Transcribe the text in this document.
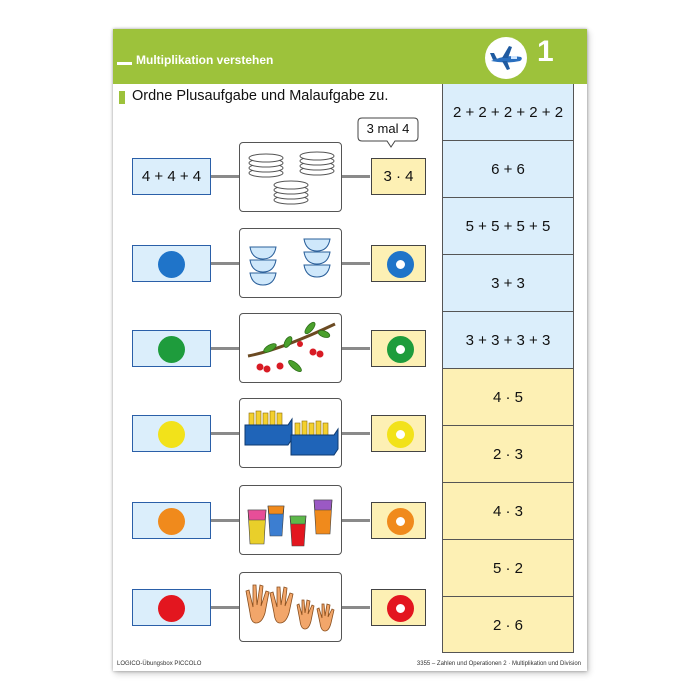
Multiplikation verstehen	1
Ordne Plusaufgabe und Malaufgabe zu.
3 mal 4
4 + 4 + 4	3 · 4
2 + 2 + 2 + 2 + 2
6 + 6
5 + 5 + 5 + 5
3 + 3
3 + 3 + 3 + 3
4 · 5
2 · 3
4 · 3
5 · 2
2 · 6
LOGICO-Übungsbox PICCOLO	3355 – Zahlen und Operationen 2 · Multiplikation und Division
